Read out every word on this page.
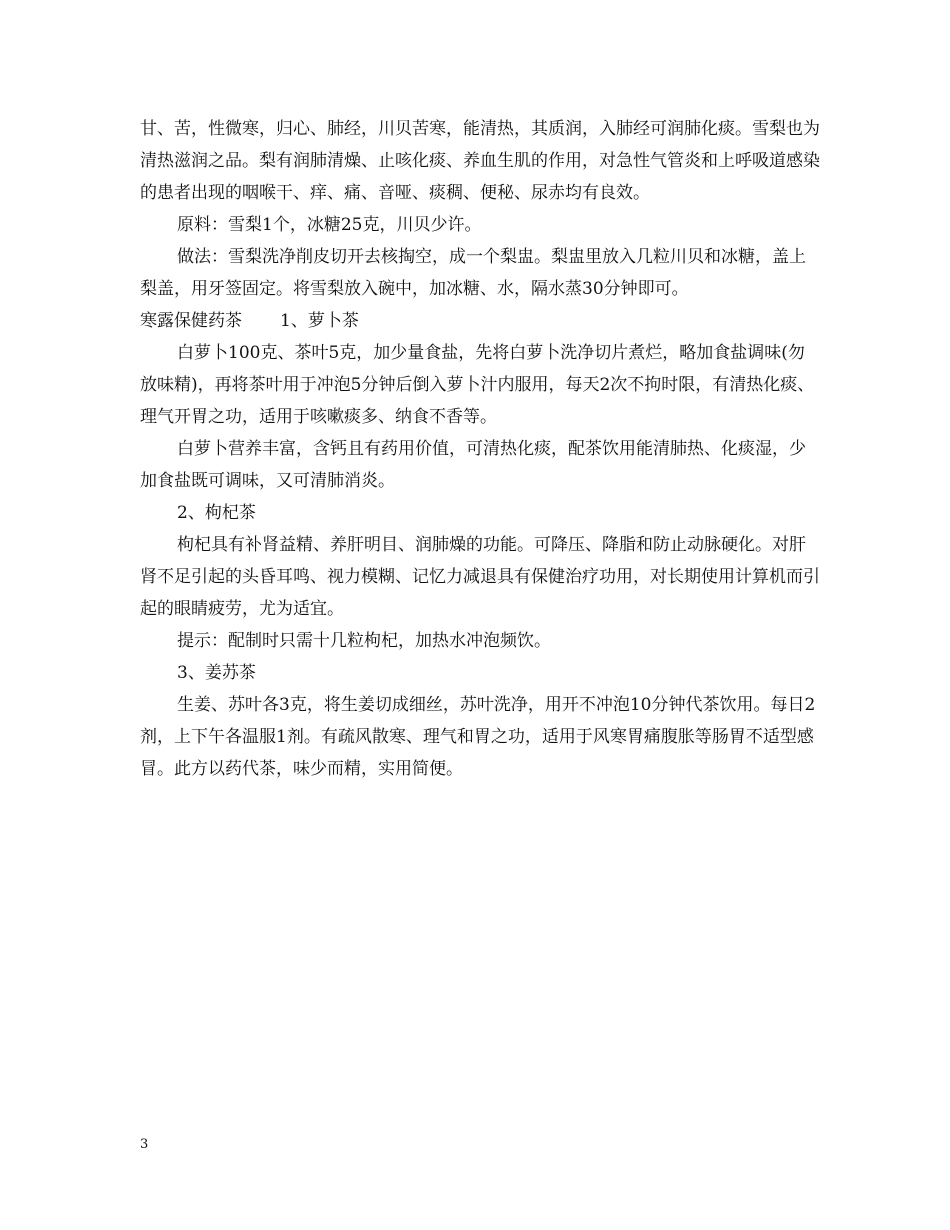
甘、苦，性微寒，归心、肺经，川贝苦寒，能清热，其质润，入肺经可润肺化痰。雪梨也为清热滋润之品。梨有润肺清燥、止咳化痰、养血生肌的作用，对急性气管炎和上呼吸道感染的患者出现的咽喉干、痒、痛、音哑、痰稠、便秘、尿赤均有良效。

原料：雪梨1个，冰糖25克，川贝少许。

做法：雪梨洗净削皮切开去核掏空，成一个梨盅。梨盅里放入几粒川贝和冰糖，盖上梨盖，用牙签固定。将雪梨放入碗中，加冰糖、水，隔水蒸30分钟即可。

寒露保健药茶 1、萝卜茶

白萝卜100克、茶叶5克，加少量食盐，先将白萝卜洗净切片煮烂，略加食盐调味(勿放味精)，再将茶叶用于冲泡5分钟后倒入萝卜汁内服用，每天2次不拘时限，有清热化痰、理气开胃之功，适用于咳嗽痰多、纳食不香等。

白萝卜营养丰富，含钙且有药用价值，可清热化痰，配茶饮用能清肺热、化痰湿，少加食盐既可调味，又可清肺消炎。

2、枸杞茶

枸杞具有补肾益精、养肝明目、润肺燥的功能。可降压、降脂和防止动脉硬化。对肝肾不足引起的头昏耳鸣、视力模糊、记忆力减退具有保健治疗功用，对长期使用计算机而引起的眼睛疲劳，尤为适宜。

提示：配制时只需十几粒枸杞，加热水冲泡频饮。

3、姜苏茶

生姜、苏叶各3克，将生姜切成细丝，苏叶洗净，用开不冲泡10分钟代茶饮用。每日2剂，上下午各温服1剂。有疏风散寒、理气和胃之功，适用于风寒胃痛腹胀等肠胃不适型感冒。此方以药代茶，味少而精，实用简便。

3
